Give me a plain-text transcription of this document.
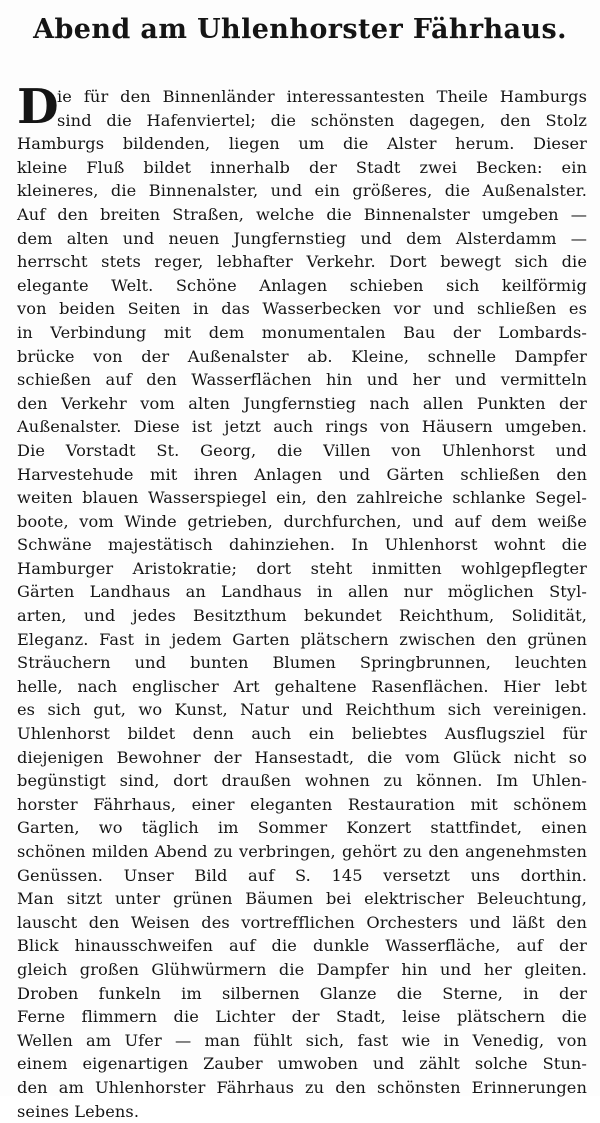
Abend am Uhlenhorster Fährhaus.
D
ie für den Binnenländer interessantesten Theile Hamburgs
sind die Hafenviertel; die schönsten dagegen, den Stolz
Hamburgs bildenden, liegen um die Alster herum. Dieser
kleine Fluß bildet innerhalb der Stadt zwei Becken: ein
kleineres, die Binnenalster, und ein größeres, die Außenalster.
Auf den breiten Straßen, welche die Binnenalster umgeben —
dem alten und neuen Jungfernstieg und dem Alsterdamm —
herrscht stets reger, lebhafter Verkehr. Dort bewegt sich die
elegante Welt. Schöne Anlagen schieben sich keilförmig
von beiden Seiten in das Wasserbecken vor und schließen es
in Verbindung mit dem monumentalen Bau der Lombards-
brücke von der Außenalster ab. Kleine, schnelle Dampfer
schießen auf den Wasserflächen hin und her und vermitteln
den Verkehr vom alten Jungfernstieg nach allen Punkten der
Außenalster. Diese ist jetzt auch rings von Häusern umgeben.
Die Vorstadt St. Georg, die Villen von Uhlenhorst und
Harvestehude mit ihren Anlagen und Gärten schließen den
weiten blauen Wasserspiegel ein, den zahlreiche schlanke Segel-
boote, vom Winde getrieben, durchfurchen, und auf dem weiße
Schwäne majestätisch dahinziehen. In Uhlenhorst wohnt die
Hamburger Aristokratie; dort steht inmitten wohlgepflegter
Gärten Landhaus an Landhaus in allen nur möglichen Styl-
arten, und jedes Besitzthum bekundet Reichthum, Solidität,
Eleganz. Fast in jedem Garten plätschern zwischen den grünen
Sträuchern und bunten Blumen Springbrunnen, leuchten
helle, nach englischer Art gehaltene Rasenflächen. Hier lebt
es sich gut, wo Kunst, Natur und Reichthum sich vereinigen.
Uhlenhorst bildet denn auch ein beliebtes Ausflugsziel für
diejenigen Bewohner der Hansestadt, die vom Glück nicht so
begünstigt sind, dort draußen wohnen zu können. Im Uhlen-
horster Fährhaus, einer eleganten Restauration mit schönem
Garten, wo täglich im Sommer Konzert stattfindet, einen
schönen milden Abend zu verbringen, gehört zu den angenehmsten
Genüssen. Unser Bild auf S. 145 versetzt uns dorthin.
Man sitzt unter grünen Bäumen bei elektrischer Beleuchtung,
lauscht den Weisen des vortrefflichen Orchesters und läßt den
Blick hinausschweifen auf die dunkle Wasserfläche, auf der
gleich großen Glühwürmern die Dampfer hin und her gleiten.
Droben funkeln im silbernen Glanze die Sterne, in der
Ferne flimmern die Lichter der Stadt, leise plätschern die
Wellen am Ufer — man fühlt sich, fast wie in Venedig, von
einem eigenartigen Zauber umwoben und zählt solche Stun-
den am Uhlenhorster Fährhaus zu den schönsten Erinnerungen
seines Lebens.
